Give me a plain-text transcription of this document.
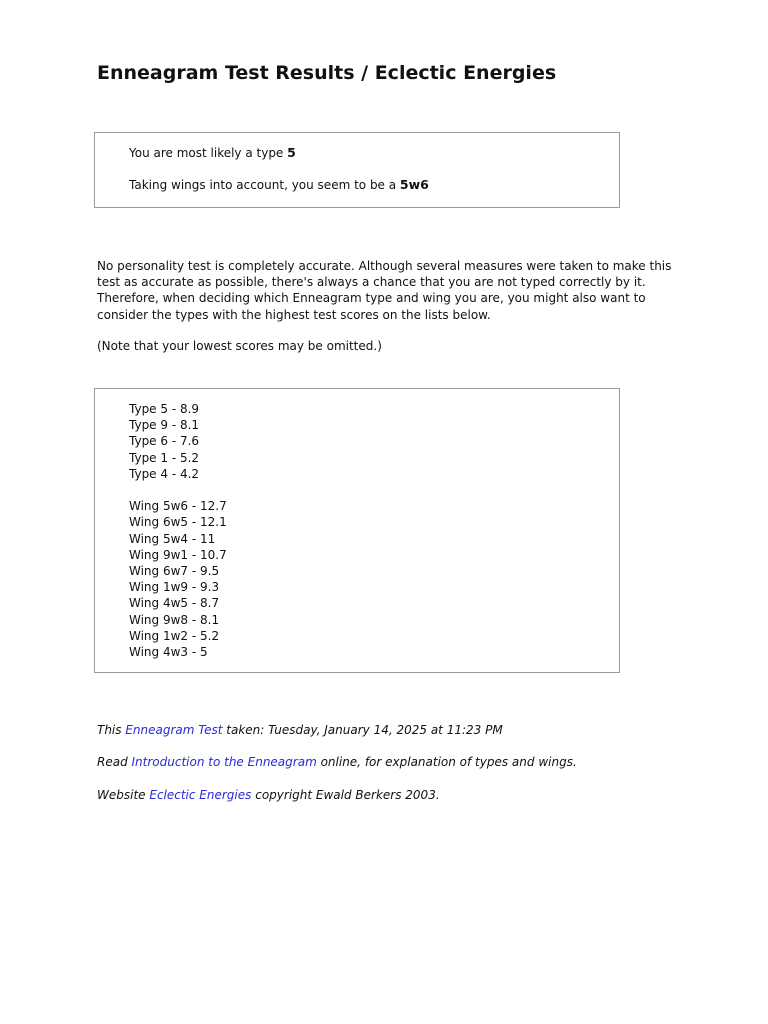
Enneagram Test Results / Eclectic Energies

You are most likely a type 5

Taking wings into account, you seem to be a 5w6

No personality test is completely accurate. Although several measures were taken to make this test as accurate as possible, there's always a chance that you are not typed correctly by it. Therefore, when deciding which Enneagram type and wing you are, you might also want to consider the types with the highest test scores on the lists below.

(Note that your lowest scores may be omitted.)

Type 5 - 8.9
Type 9 - 8.1
Type 6 - 7.6
Type 1 - 5.2
Type 4 - 4.2
Wing 5w6 - 12.7
Wing 6w5 - 12.1
Wing 5w4 - 11
Wing 9w1 - 10.7
Wing 6w7 - 9.5
Wing 1w9 - 9.3
Wing 4w5 - 8.7
Wing 9w8 - 8.1
Wing 1w2 - 5.2
Wing 4w3 - 5

This Enneagram Test taken: Tuesday, January 14, 2025 at 11:23 PM

Read Introduction to the Enneagram online, for explanation of types and wings.

Website Eclectic Energies copyright Ewald Berkers 2003.
